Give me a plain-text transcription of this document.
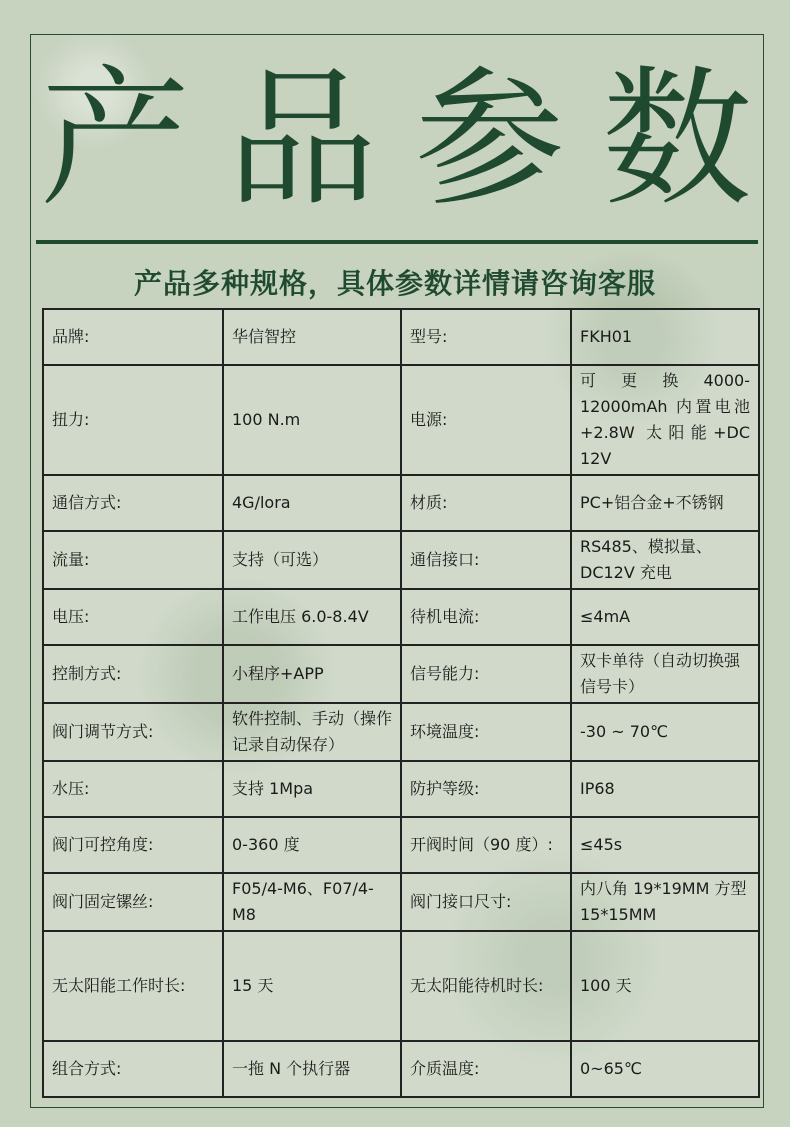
产 品 参 数
产品多种规格，具体参数详情请咨询客服
品牌:	华信智控	型号:	FKH01
扭力:	100 N.m	电源:	可 更 换 4000-12000mAh 内置电池 +2.8W 太阳能+DC 12V
通信方式:	4G/lora	材质:	PC+铝合金+不锈钢
流量:	支持（可选）	通信接口:	RS485、模拟量、DC12V 充电
电压:	工作电压 6.0-8.4V	待机电流:	≤4mA
控制方式:	小程序+APP	信号能力:	双卡单待（自动切换强信号卡）
阀门调节方式:	软件控制、手动（操作记录自动保存）	环境温度:	-30 ~ 70℃
水压:	支持 1Mpa	防护等级:	IP68
阀门可控角度:	0-360 度	开阀时间（90 度）:	≤45s
阀门固定镙丝:	F05/4-M6、F07/4-M8	阀门接口尺寸:	内八角 19*19MM 方型 15*15MM
无太阳能工作时长:	15 天	无太阳能待机时长:	100 天
组合方式:	一拖 N 个执行器	介质温度:	0~65℃
